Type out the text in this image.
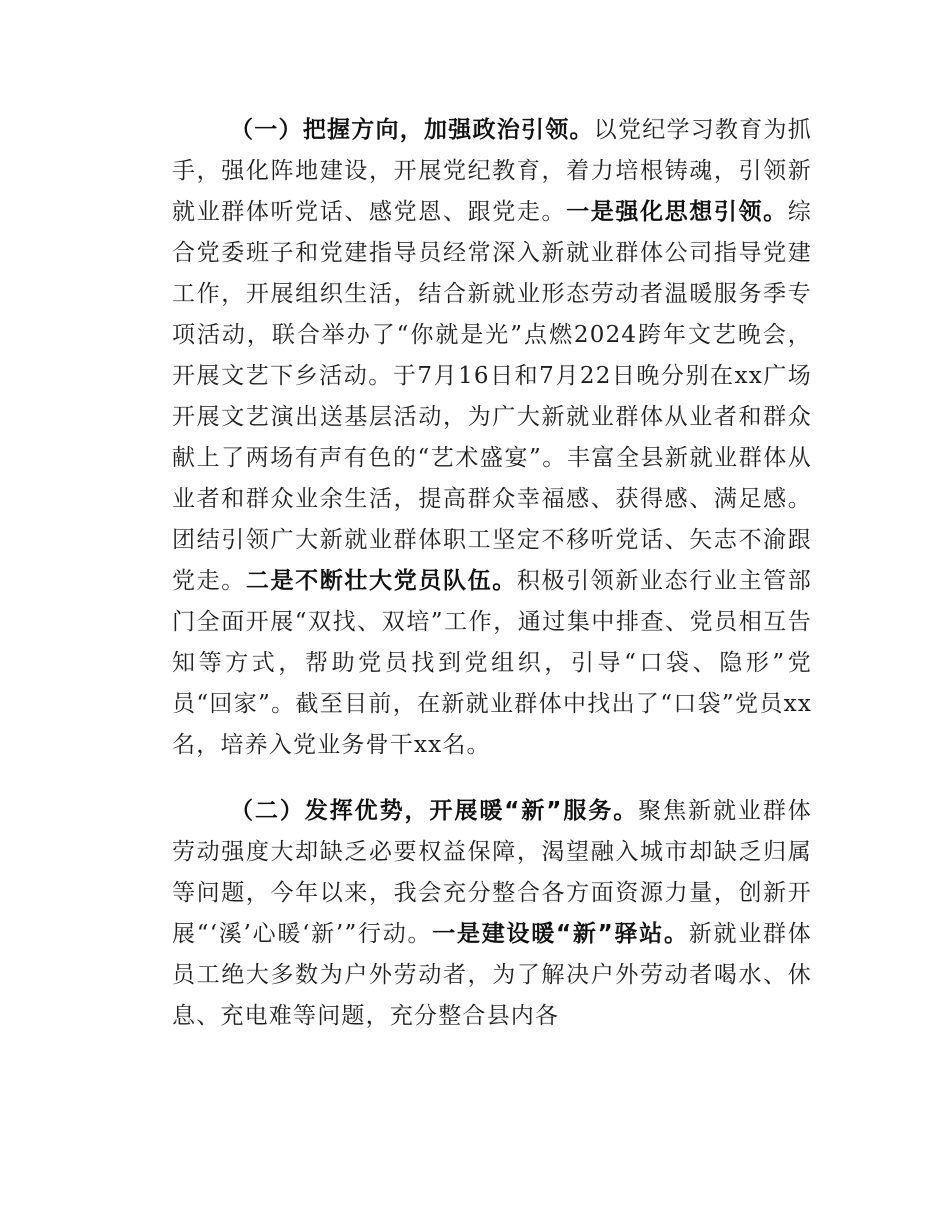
（一）把握方向，加强政治引领。以党纪学习教育为抓手，强化阵地建设，开展党纪教育，着力培根铸魂，引领新就业群体听党话、感党恩、跟党走。一是强化思想引领。综合党委班子和党建指导员经常深入新就业群体公司指导党建工作，开展组织生活，结合新就业形态劳动者温暖服务季专项活动，联合举办了“你就是光”点燃2024跨年文艺晚会，开展文艺下乡活动。于7月16日和7月22日晚分别在xx广场开展文艺演出送基层活动，为广大新就业群体从业者和群众献上了两场有声有色的“艺术盛宴”。丰富全县新就业群体从业者和群众业余生活，提高群众幸福感、获得感、满足感。团结引领广大新就业群体职工坚定不移听党话、矢志不渝跟党走。二是不断壮大党员队伍。积极引领新业态行业主管部门全面开展“双找、双培”工作，通过集中排查、党员相互告知等方式，帮助党员找到党组织，引导“口袋、隐形”党员“回家”。截至目前，在新就业群体中找出了“口袋”党员xx名，培养入党业务骨干xx名。

（二）发挥优势，开展暖“新”服务。聚焦新就业群体劳动强度大却缺乏必要权益保障，渴望融入城市却缺乏归属等问题，今年以来，我会充分整合各方面资源力量，创新开展“‘溪’心暖‘新’”行动。一是建设暖“新”驿站。新就业群体员工绝大多数为户外劳动者，为了解决户外劳动者喝水、休息、充电难等问题，充分整合县内各
